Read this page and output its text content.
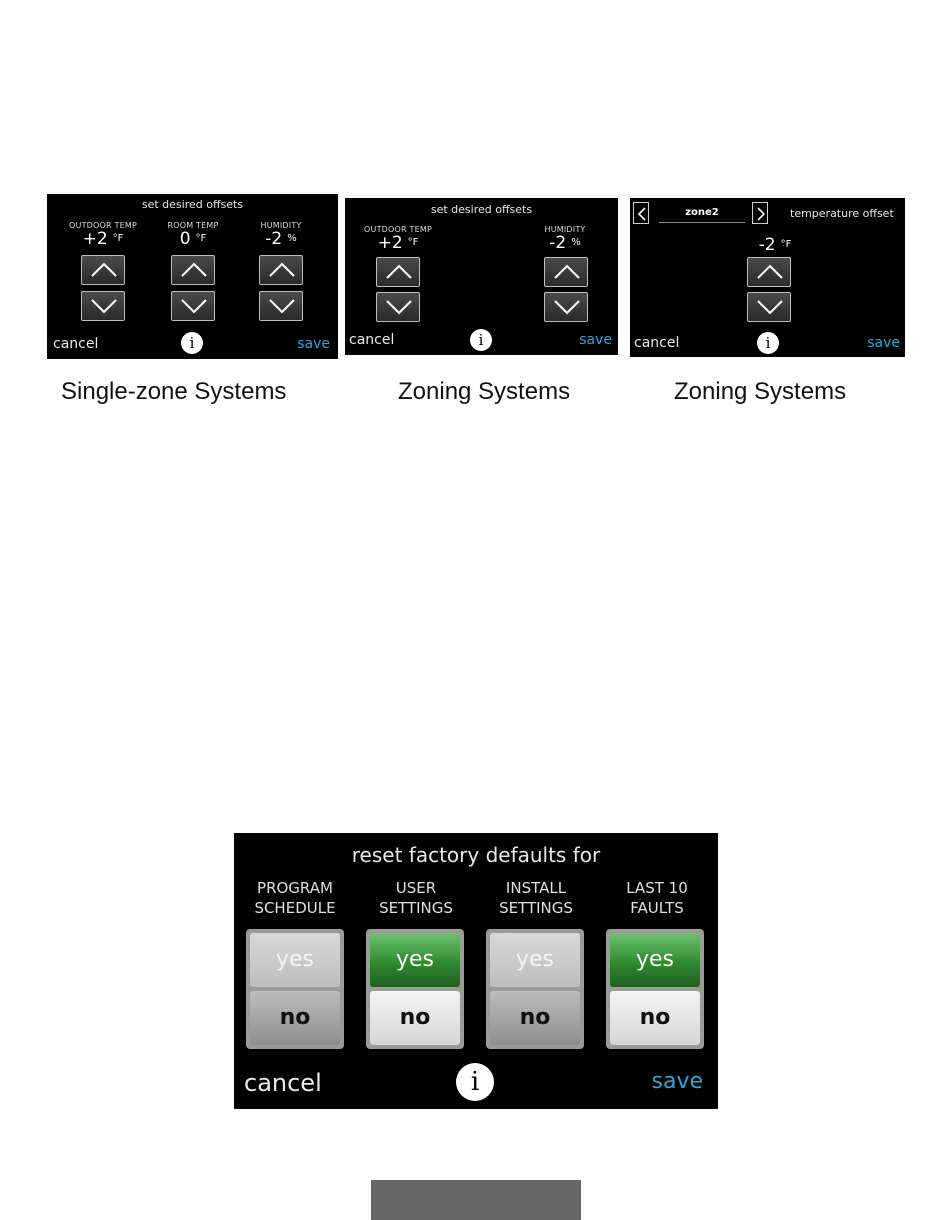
set desired offsets
OUTDOOR TEMP
+2 $^{^\circ F}$
ROOM TEMP
0 $^{^\circ F}$
HUMIDITY
-2 %
cancel	i	save
Single-zone Systems
set desired offsets
OUTDOOR TEMP
+2 $^{^\circ F}$
HUMIDITY
-2 %
cancel	i	save
Zoning Systems
zone2	temperature offset
-2 $^{^\circ F}$
cancel	i	save
Zoning Systems
reset factory defaults for
PROGRAM
SCHEDULE
USER
SETTINGS
INSTALL
SETTINGS
LAST 10
FAULTS
yes
no
yes
no
yes
no
yes
no
cancel	i	save
